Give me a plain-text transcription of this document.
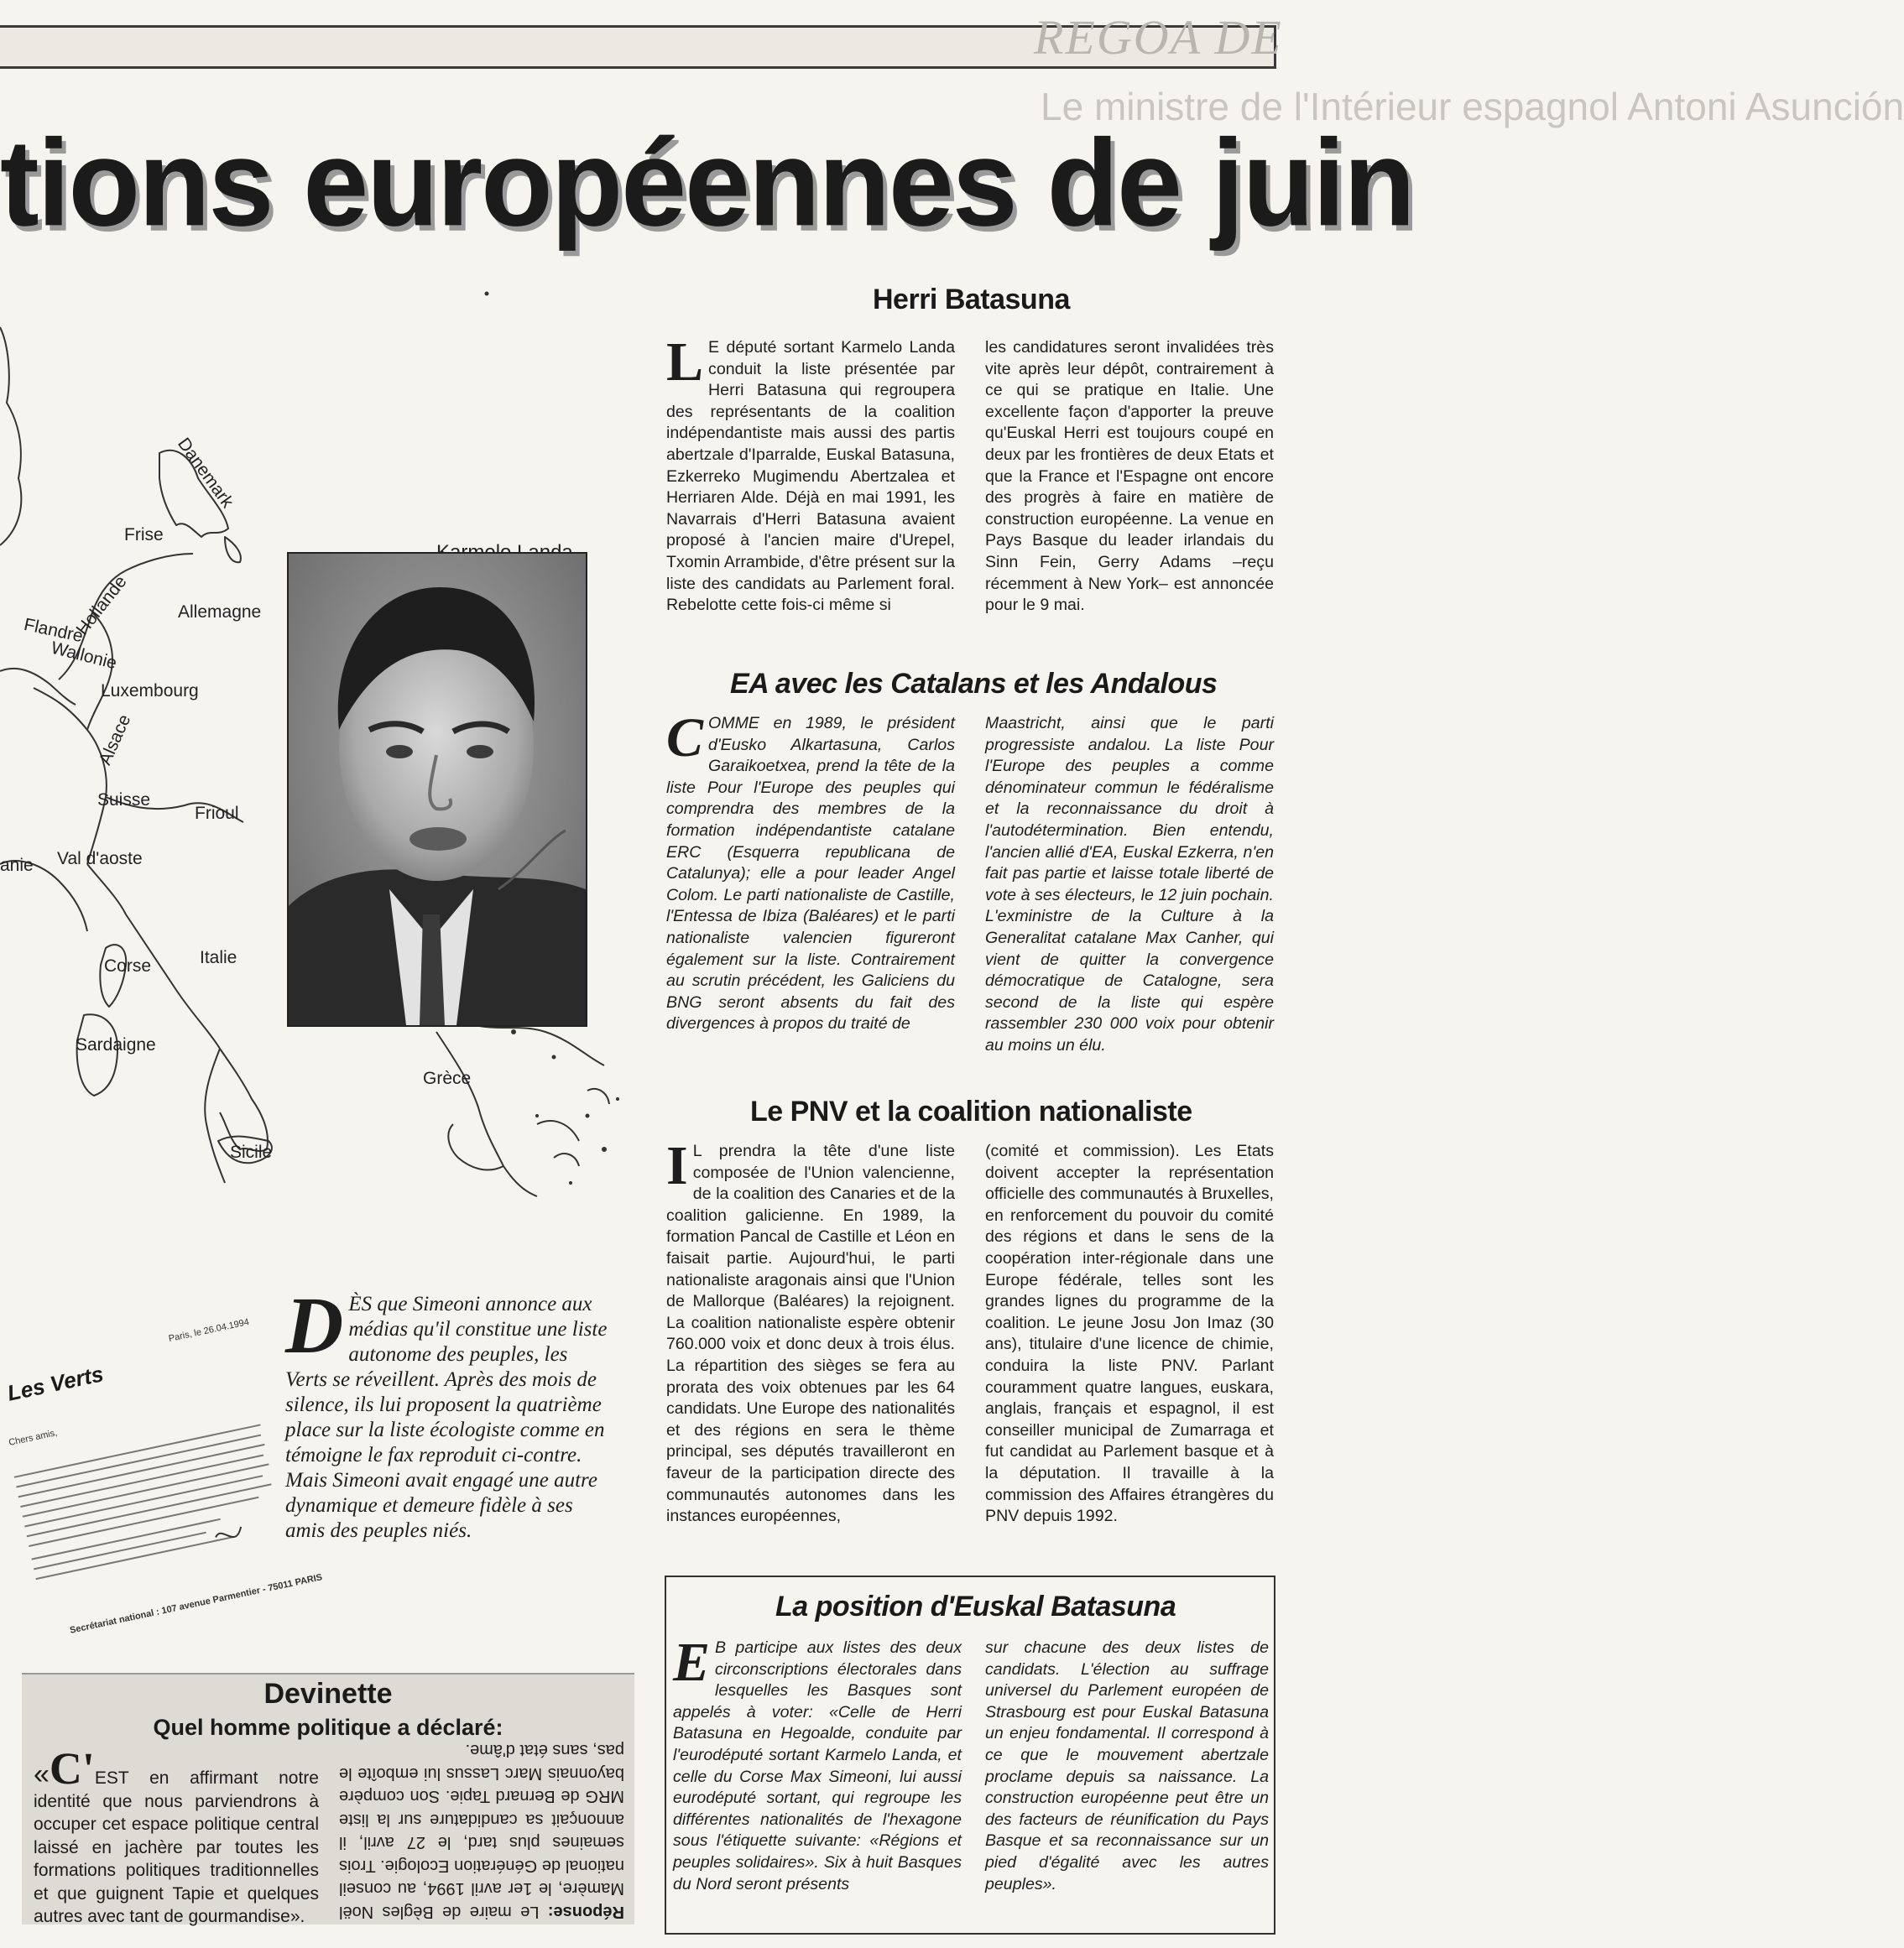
REGOA DE
Le ministre de l'Intérieur espagnol Antoni Asunción
tions européennes de juin
Danemark
Frise
Hollande	Allemagne
Flandre
Wallonie
Luxembourg
Alsace
Suisse
Frioul
anie Val d'aoste
Corse	Italie
Sardaigne
Grèce
Sicile
Herri Batasuna
L E député sortant Karmelo Landa conduit la liste présentée par Herri Batasuna qui regroupera des représentants de la coalition indépendantiste mais aussi des partis abertzale d'Iparralde, Euskal Batasuna, Ezkerreko Mugimendu Abertzalea et Herriaren Alde. Déjà en mai 1991, les Navarrais d'Herri Batasuna avaient proposé à l'ancien maire d'Urepel, Txomin Arrambide, d'être présent sur la liste des candidats au Parlement foral. Rebelotte cette fois-ci même si
les candidatures seront invalidées très vite après leur dépôt, contrairement à ce qui se pratique en Italie. Une excellente façon d'apporter la preuve qu'Euskal Herri est toujours coupé en deux par les frontières de deux Etats et que la France et l'Espagne ont encore des progrès à faire en matière de construction européenne. La venue en Pays Basque du leader irlandais du Sinn Fein, Gerry Adams –reçu récemment à New York– est annoncée pour le 9 mai.
EA avec les Catalans et les Andalous
COMME en 1989, le président d'Eusko Alkartasuna, Carlos Garaikoetxea, prend la tête de la liste Pour l'Europe des peuples qui comprendra des membres de la formation indépendantiste catalane ERC (Esquerra republicana de Catalunya); elle a pour leader Angel Colom. Le parti nationaliste de Castille, l'Entessa de Ibiza (Baléares) et le parti nationaliste valencien figureront également sur la liste. Contrairement au scrutin précédent, les Galiciens du BNG seront absents du fait des divergences à propos du traité de
Maastricht, ainsi que le parti progressiste andalou. La liste Pour l'Europe des peuples a comme dénominateur commun le fédéralisme et la reconnaissance du droit à l'autodétermination. Bien entendu, l'ancien allié d'EA, Euskal Ezkerra, n'en fait pas partie et laisse totale liberté de vote à ses électeurs, le 12 juin pochain. L'exministre de la Culture à la Generalitat catalane Max Canher, qui vient de quitter la convergence démocratique de Catalogne, sera second de la liste qui espère rassembler 230 000 voix pour obtenir au moins un élu.
Le PNV et la coalition nationaliste
I L prendra la tête d'une liste composée de l'Union valencienne, de la coalition des Canaries et de la coalition galicienne. En 1989, la formation Pancal de Castille et Léon en faisait partie. Aujourd'hui, le parti nationaliste aragonais ainsi que l'Union de Mallorque (Baléares) la rejoignent. La coalition nationaliste espère obtenir 760.000 voix et donc deux à trois élus. La répartition des sièges se fera au prorata des voix obtenues par les 64 candidats. Une Europe des nationalités et des régions en sera le thème principal, ses députés travailleront en faveur de la participation directe des communautés autonomes dans les instances européennes,
(comité et commission). Les Etats doivent accepter la représentation officielle des communautés à Bruxelles, en renforcement du pouvoir du comité des régions et dans le sens de la coopération inter-régionale dans une Europe fédérale, telles sont les grandes lignes du programme de la coalition. Le jeune Josu Jon Imaz (30 ans), titulaire d'une licence de chimie, conduira la liste PNV. Parlant couramment quatre langues, euskara, anglais, français et espagnol, il est conseiller municipal de Zumarraga et fut candidat au Parlement basque et à la députation. Il travaille à la commission des Affaires étrangères du PNV depuis 1992.
Les Verts
Paris, le 26.04.1994
Chers amis,
Secrétariat national : 107 avenue Parmentier - 75011 PARIS
DÈS que Simeoni annonce aux médias qu'il constitue une liste autonome des peuples, les Verts se réveillent. Après des mois de silence, ils lui proposent la quatrième place sur la liste écologiste comme en témoigne le fax reproduit ci-contre. Mais Simeoni avait engagé une autre dynamique et demeure fidèle à ses amis des peuples niés.
Devinette
Quel homme politique a déclaré:
«C'EST en affirmant notre identité que nous parviendrons à occuper cet espace politique central laissé en jachère par toutes les formations politiques traditionnelles et que guignent Tapie et quelques autres avec tant de gourmandise».	Réponse: Le maire de Bègles Noël Mamère, le 1er avril 1994, au conseil national de Génération Ecologie. Trois semaines plus tard, le 27 avril, il annonçait sa candidature sur la liste MRG de Bernard Tapie. Son compère bayonnais Marc Lassus lui emboîte le pas, sans état d'âme.
La position d'Euskal Batasuna
E B participe aux listes des deux circonscriptions électorales dans lesquelles les Basques sont appelés à voter: «Celle de Herri Batasuna en Hegoalde, conduite par l'eurodéputé sortant Karmelo Landa, et celle du Corse Max Simeoni, lui aussi eurodéputé sortant, qui regroupe les différentes nationalités de l'hexagone sous l'étiquette suivante: «Régions et peuples solidaires». Six à huit Basques du Nord seront présents
sur chacune des deux listes de candidats. L'élection au suffrage universel du Parlement européen de Strasbourg est pour Euskal Batasuna un enjeu fondamental. Il correspond à ce que le mouvement abertzale proclame depuis sa naissance. La construction européenne peut être un des facteurs de réunification du Pays Basque et sa reconnaissance sur un pied d'égalité avec les autres peuples».
